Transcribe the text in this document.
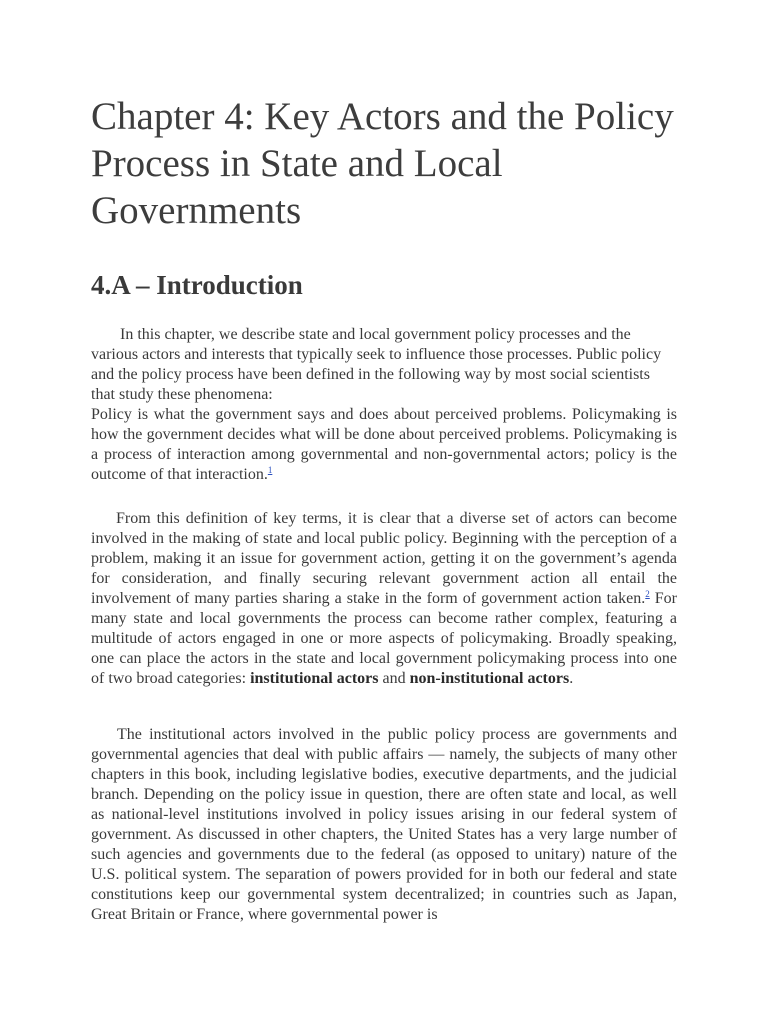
Chapter 4: Key Actors and the Policy Process in State and Local Governments
4.A – Introduction

In this chapter, we describe state and local government policy processes and the various actors and interests that typically seek to influence those processes. Public policy and the policy process have been defined in the following way by most social scientists that study these phenomena:

Policy is what the government says and does about perceived problems. Policymaking is how the government decides what will be done about perceived problems. Policymaking is a process of interaction among governmental and non-governmental actors; policy is the outcome of that interaction.$^1$

From this definition of key terms, it is clear that a diverse set of actors can become involved in the making of state and local public policy. Beginning with the perception of a problem, making it an issue for government action, getting it on the government’s agenda for consideration, and finally securing relevant government action all entail the involvement of many parties sharing a stake in the form of government action taken.$^2$ For many state and local governments the process can become rather complex, featuring a multitude of actors engaged in one or more aspects of policymaking. Broadly speaking, one can place the actors in the state and local government policymaking process into one of two broad categories: institutional actors and non-institutional actors.

The institutional actors involved in the public policy process are governments and governmental agencies that deal with public affairs — namely, the subjects of many other chapters in this book, including legislative bodies, executive departments, and the judicial branch. Depending on the policy issue in question, there are often state and local, as well as national-level institutions involved in policy issues arising in our federal system of government. As discussed in other chapters, the United States has a very large number of such agencies and governments due to the federal (as opposed to unitary) nature of the U.S. political system. The separation of powers provided for in both our federal and state constitutions keep our governmental system decentralized; in countries such as Japan, Great Britain or France, where governmental power is
